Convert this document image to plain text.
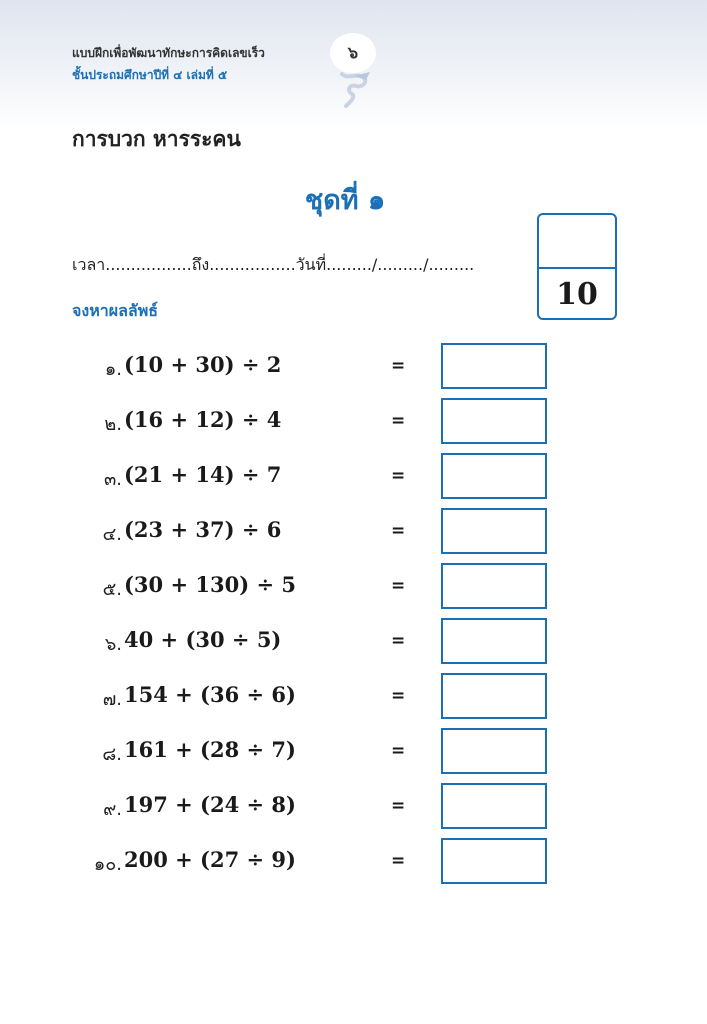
แบบฝึกเพื่อพัฒนาทักษะการคิดเลขเร็ว
ชั้นประถมศึกษาปีที่ ๔ เล่มที่ ๕
๖
การบวก หารระคน
ชุดที่ ๑
เวลา.................ถึง.................วันที่........./........./.........
จงหาผลลัพธ์	10
๑. (10 + 30) ÷ 2	=
๒. (16 + 12) ÷ 4	=
๓. (21 + 14) ÷ 7	=
๔. (23 + 37) ÷ 6	=
๕. (30 + 130) ÷ 5	=
๖. 40 + (30 ÷ 5)	=
๗. 154 + (36 ÷ 6)	=
๘. 161 + (28 ÷ 7)	=
๙. 197 + (24 ÷ 8)	=
๑๐. 200 + (27 ÷ 9)	=
